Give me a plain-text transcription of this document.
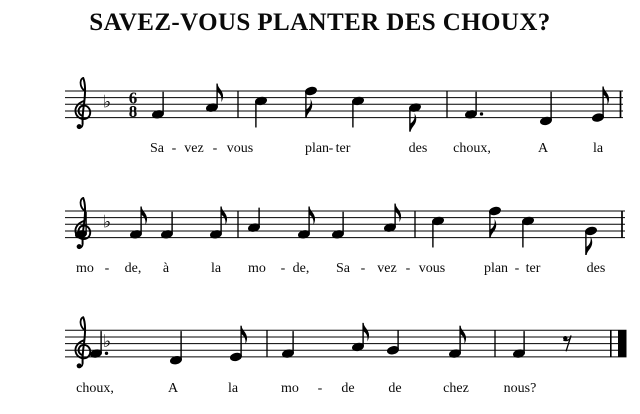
SAVEZ-VOUS PLANTER DES CHOUX?
♭ 6
8
Sa - vez - vous	plan - ter	des choux,	A	la
♭
mo - de, à	la mo - de, Sa - vez - vous	plan - ter	des
♭
choux,	A	la	mo - de de	chez nous?
